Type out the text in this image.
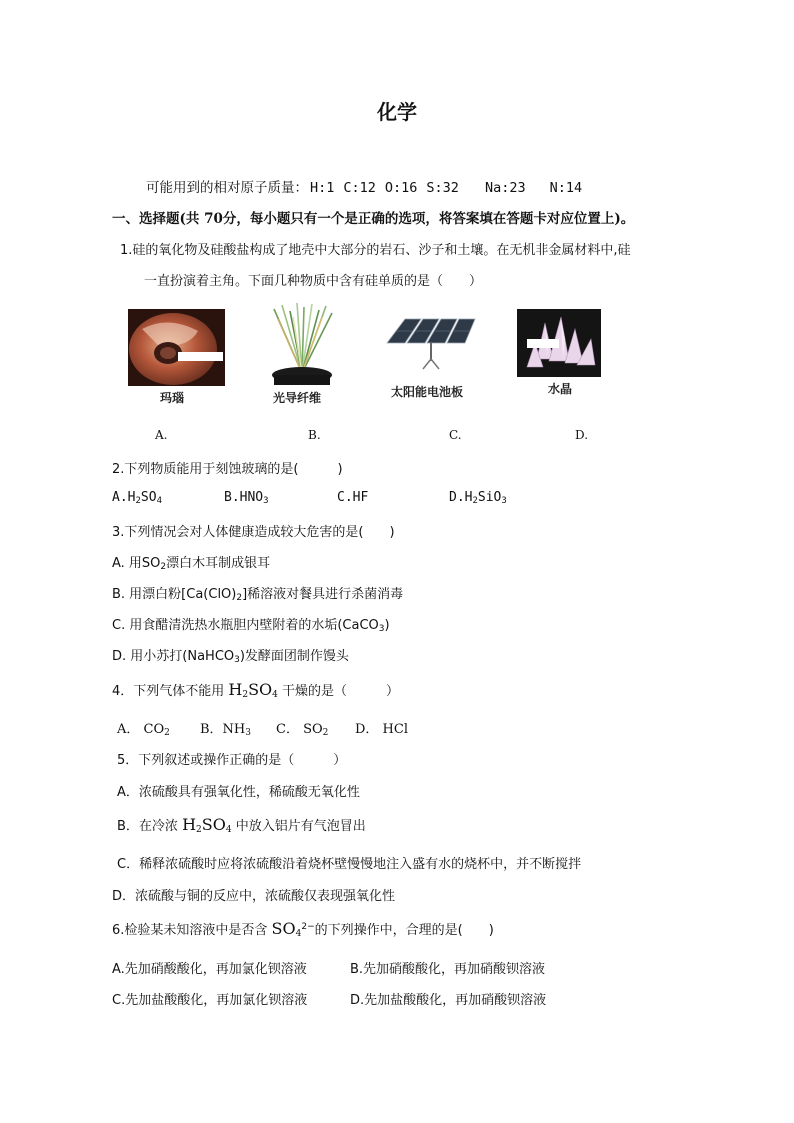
化学
可能用到的相对原子质量： H:1 C:12 O:16 S:32 Na:23 N:14
一、选择题(共 70分，每小题只有一个是正确的选项，将答案填在答题卡对应位置上)。
1.硅的氧化物及硅酸盐构成了地壳中大部分的岩石、沙子和土壤。在无机非金属材料中,硅
一直扮演着主角。下面几种物质中含有硅单质的是（　　）
玛瑙	光导纤维	太阳能电池板	水晶
A.	B.	C.	D.
2.下列物质能用于刻蚀玻璃的是(　　　)
$A.H_2SO_4$	$B.HNO_3$	C.HF	$D.H_2SiO_3$
3.下列情况会对人体健康造成较大危害的是(　　)
A. 用$SO_2$漂白木耳制成银耳
B. 用漂白粉$[Ca(ClO)_2]$稀溶液对餐具进行杀菌消毒
C. 用食醋清洗热水瓶胆内壁附着的水垢(CaCO$_3$)
D. 用小苏打(NaHCO$_3$)发酵面团制作馒头
4．下列气体不能用 $H_2SO_4$ 干燥的是（　　　）
A． $CO_2$ B．$NH_3$ C． $SO_2$ D． HCl
5．下列叙述或操作正确的是（　　　）
A．浓硫酸具有强氧化性，稀硫酸无氧化性
B．在冷浓 $H_2SO_4$ 中放入铝片有气泡冒出
C．稀释浓硫酸时应将浓硫酸沿着烧杯壁慢慢地注入盛有水的烧杯中，并不断搅拌
D．浓硫酸与铜的反应中，浓硫酸仅表现强氧化性
6.检验某未知溶液中是否含 $SO_4^{2-}$的下列操作中，合理的是(　　)
A.先加硝酸酸化，再加氯化钡溶液	B.先加硝酸酸化，再加硝酸钡溶液
C.先加盐酸酸化，再加氯化钡溶液	D.先加盐酸酸化，再加硝酸钡溶液
